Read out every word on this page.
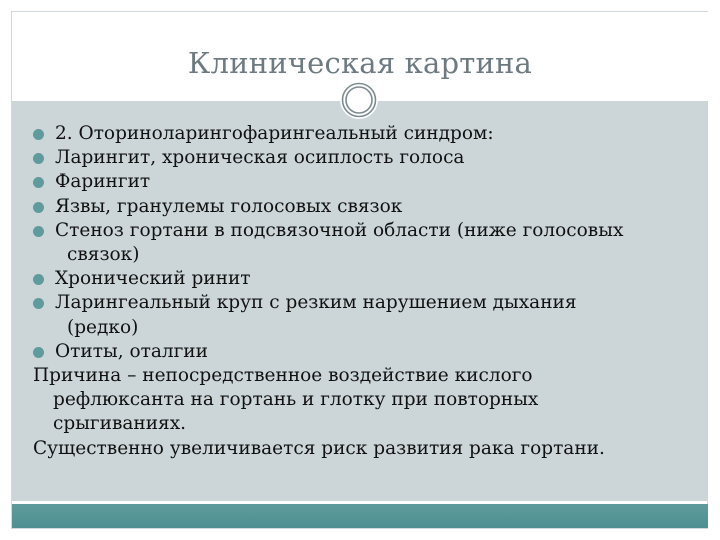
Клиническая картина
2. Оториноларингофарингеальный синдром:
Ларингит, хроническая осиплость голоса
Фарингит
Язвы, гранулемы голосовых связок
Стеноз гортани в подсвязочной области (ниже голосовых
связок)
Хронический ринит
Ларингеальный круп с резким нарушением дыхания
(редко)
Отиты, оталгии
Причина – непосредственное воздействие кислого
рефлюксанта на гортань и глотку при повторных
срыгиваниях.
Существенно увеличивается риск развития рака гортани.
